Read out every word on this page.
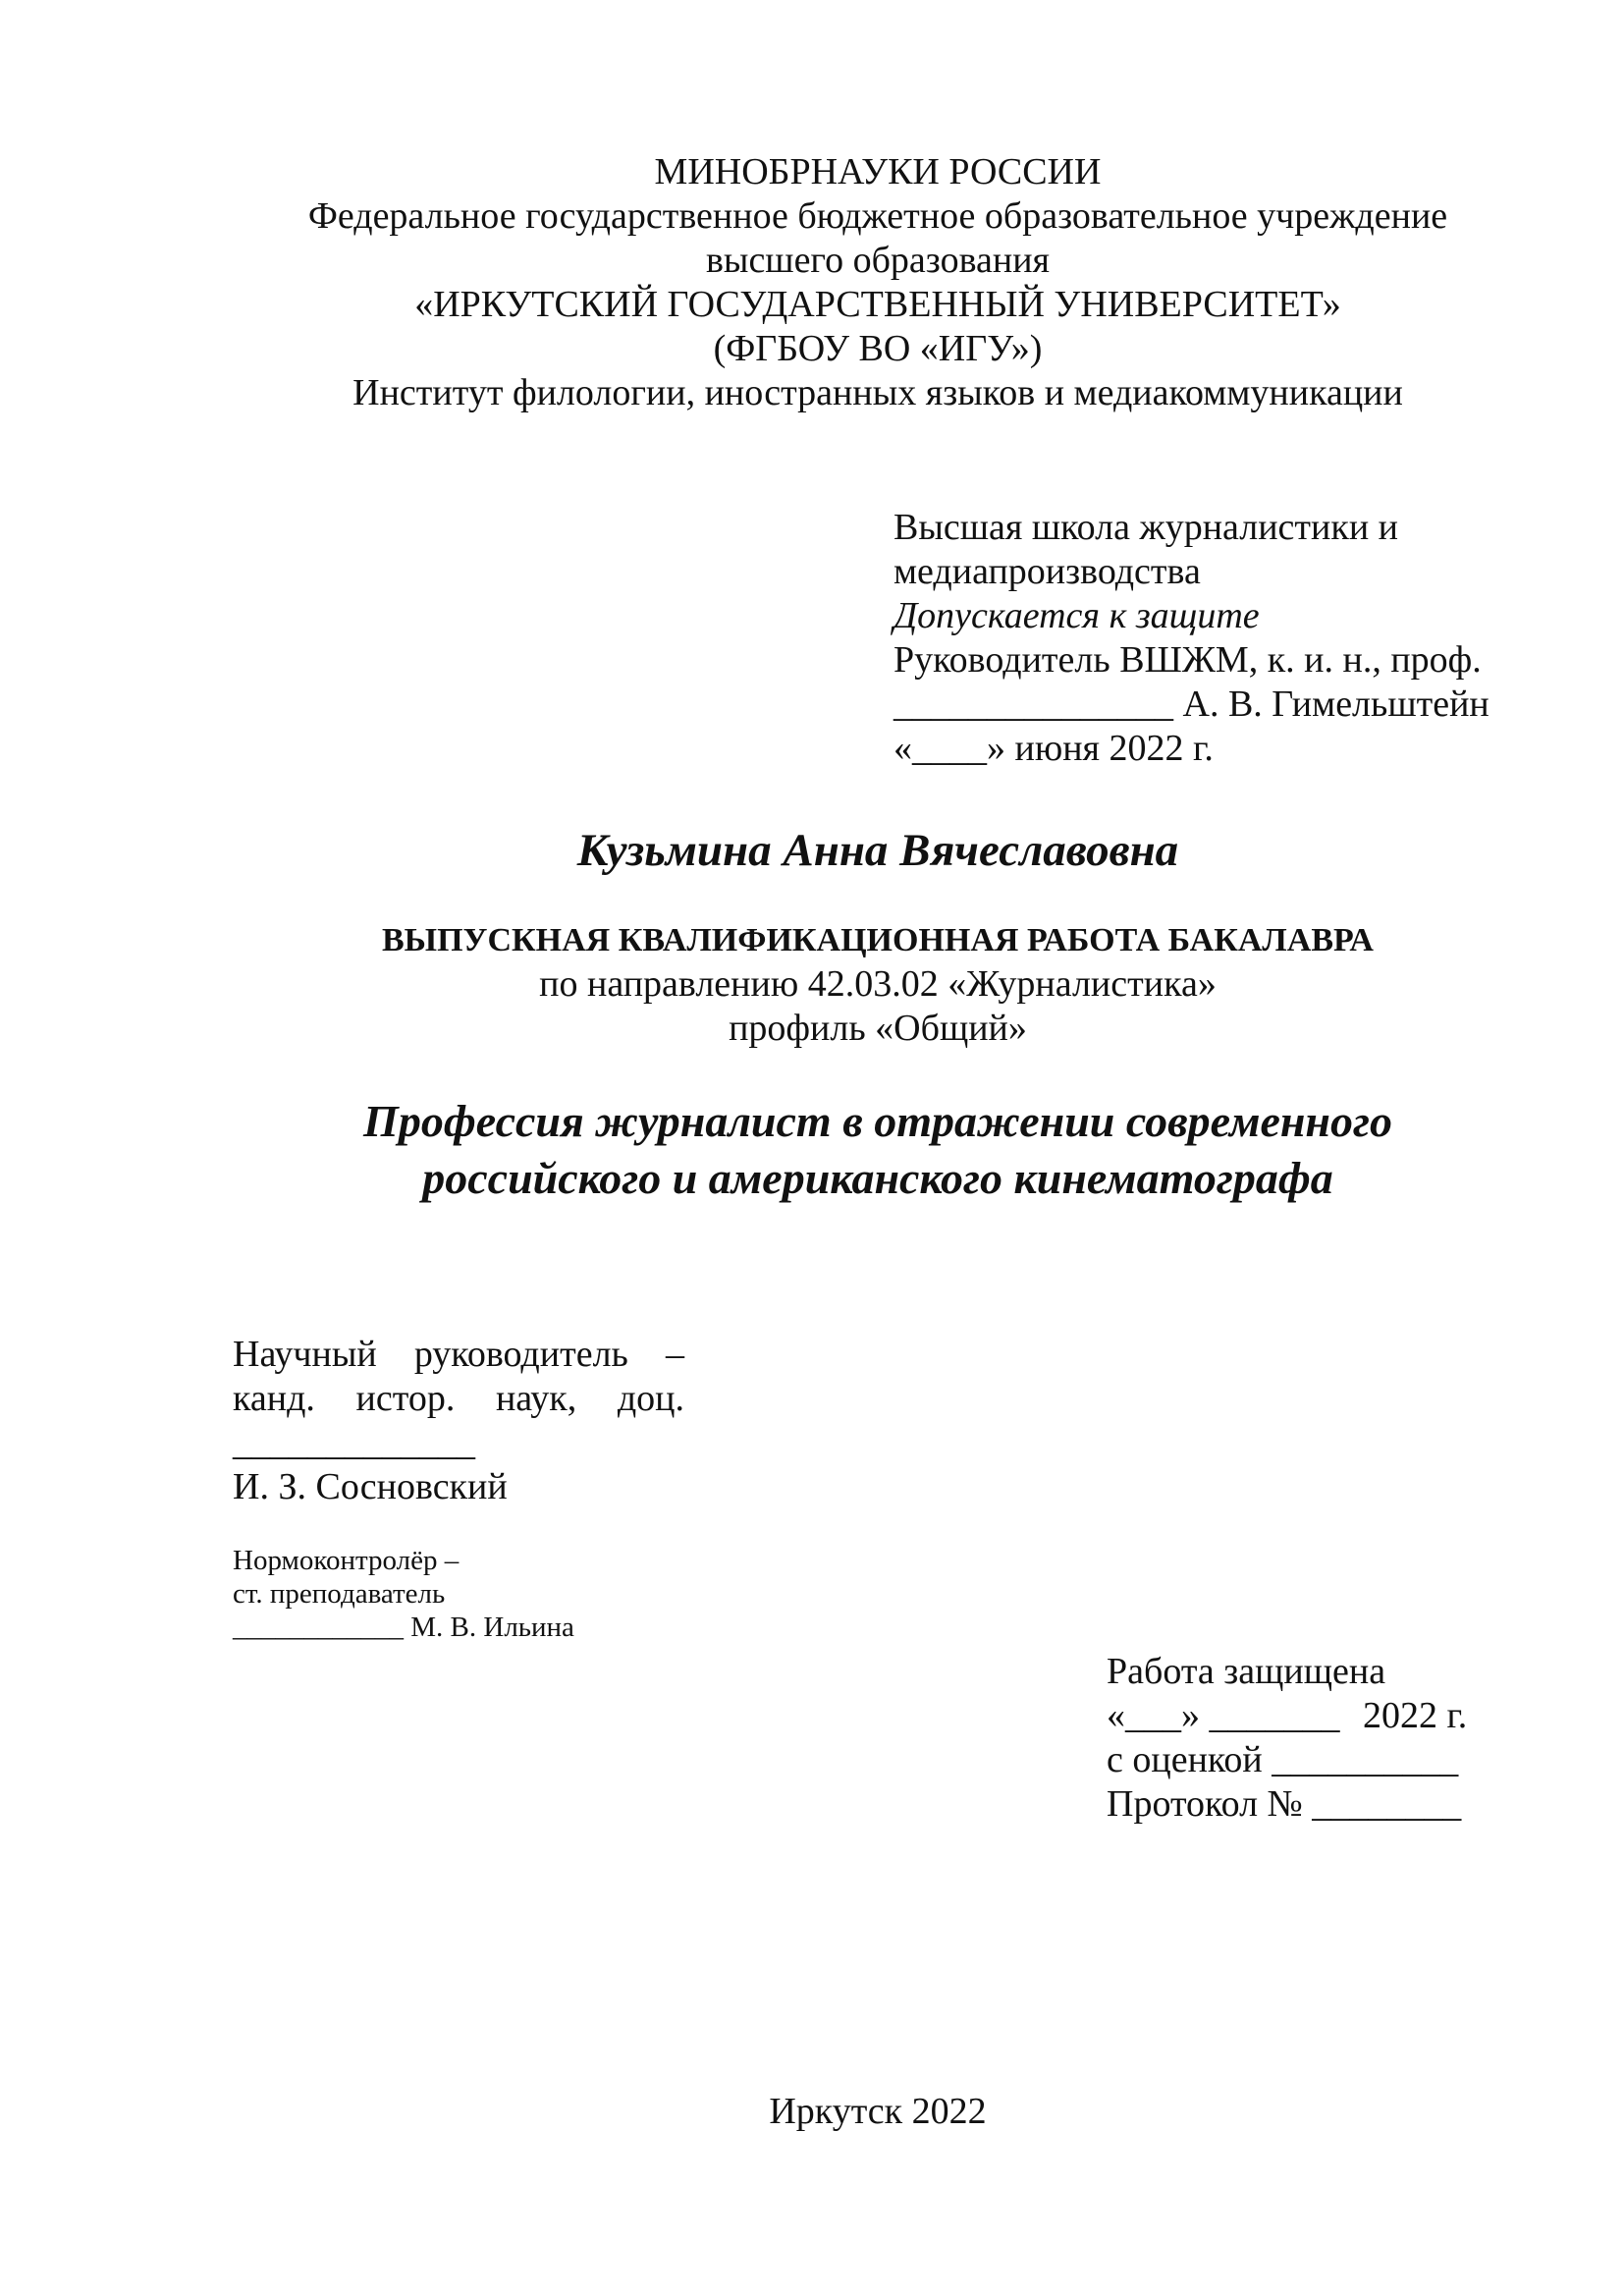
МИНОБРНАУКИ РОССИИ
Федеральное государственное бюджетное образовательное учреждение
высшего образования
«ИРКУТСКИЙ ГОСУДАРСТВЕННЫЙ УНИВЕРСИТЕТ»
(ФГБОУ ВО «ИГУ»)
Институт филологии, иностранных языков и медиакоммуникации
Высшая школа журналистики и
медиапроизводства
Допускается к защите
Руководитель ВШЖМ, к. и. н., проф.
_______________ А. В. Гимельштейн
«____» июня 2022 г.
Кузьмина Анна Вячеславовна
ВЫПУСКНАЯ КВАЛИФИКАЦИОННАЯ РАБОТА БАКАЛАВРА
по направлению 42.03.02 «Журналистика»
профиль «Общий»
Профессия журналист в отражении современного
российского и американского кинематографа
Научный руководитель –
канд. истор. наук, доц.
_____________
И. З. Сосновский
Нормоконтролёр –
ст. преподаватель
____________ М. В. Ильина
Работа защищена
«___» _______ 2022 г.
с оценкой __________
Протокол № ________
Иркутск 2022
